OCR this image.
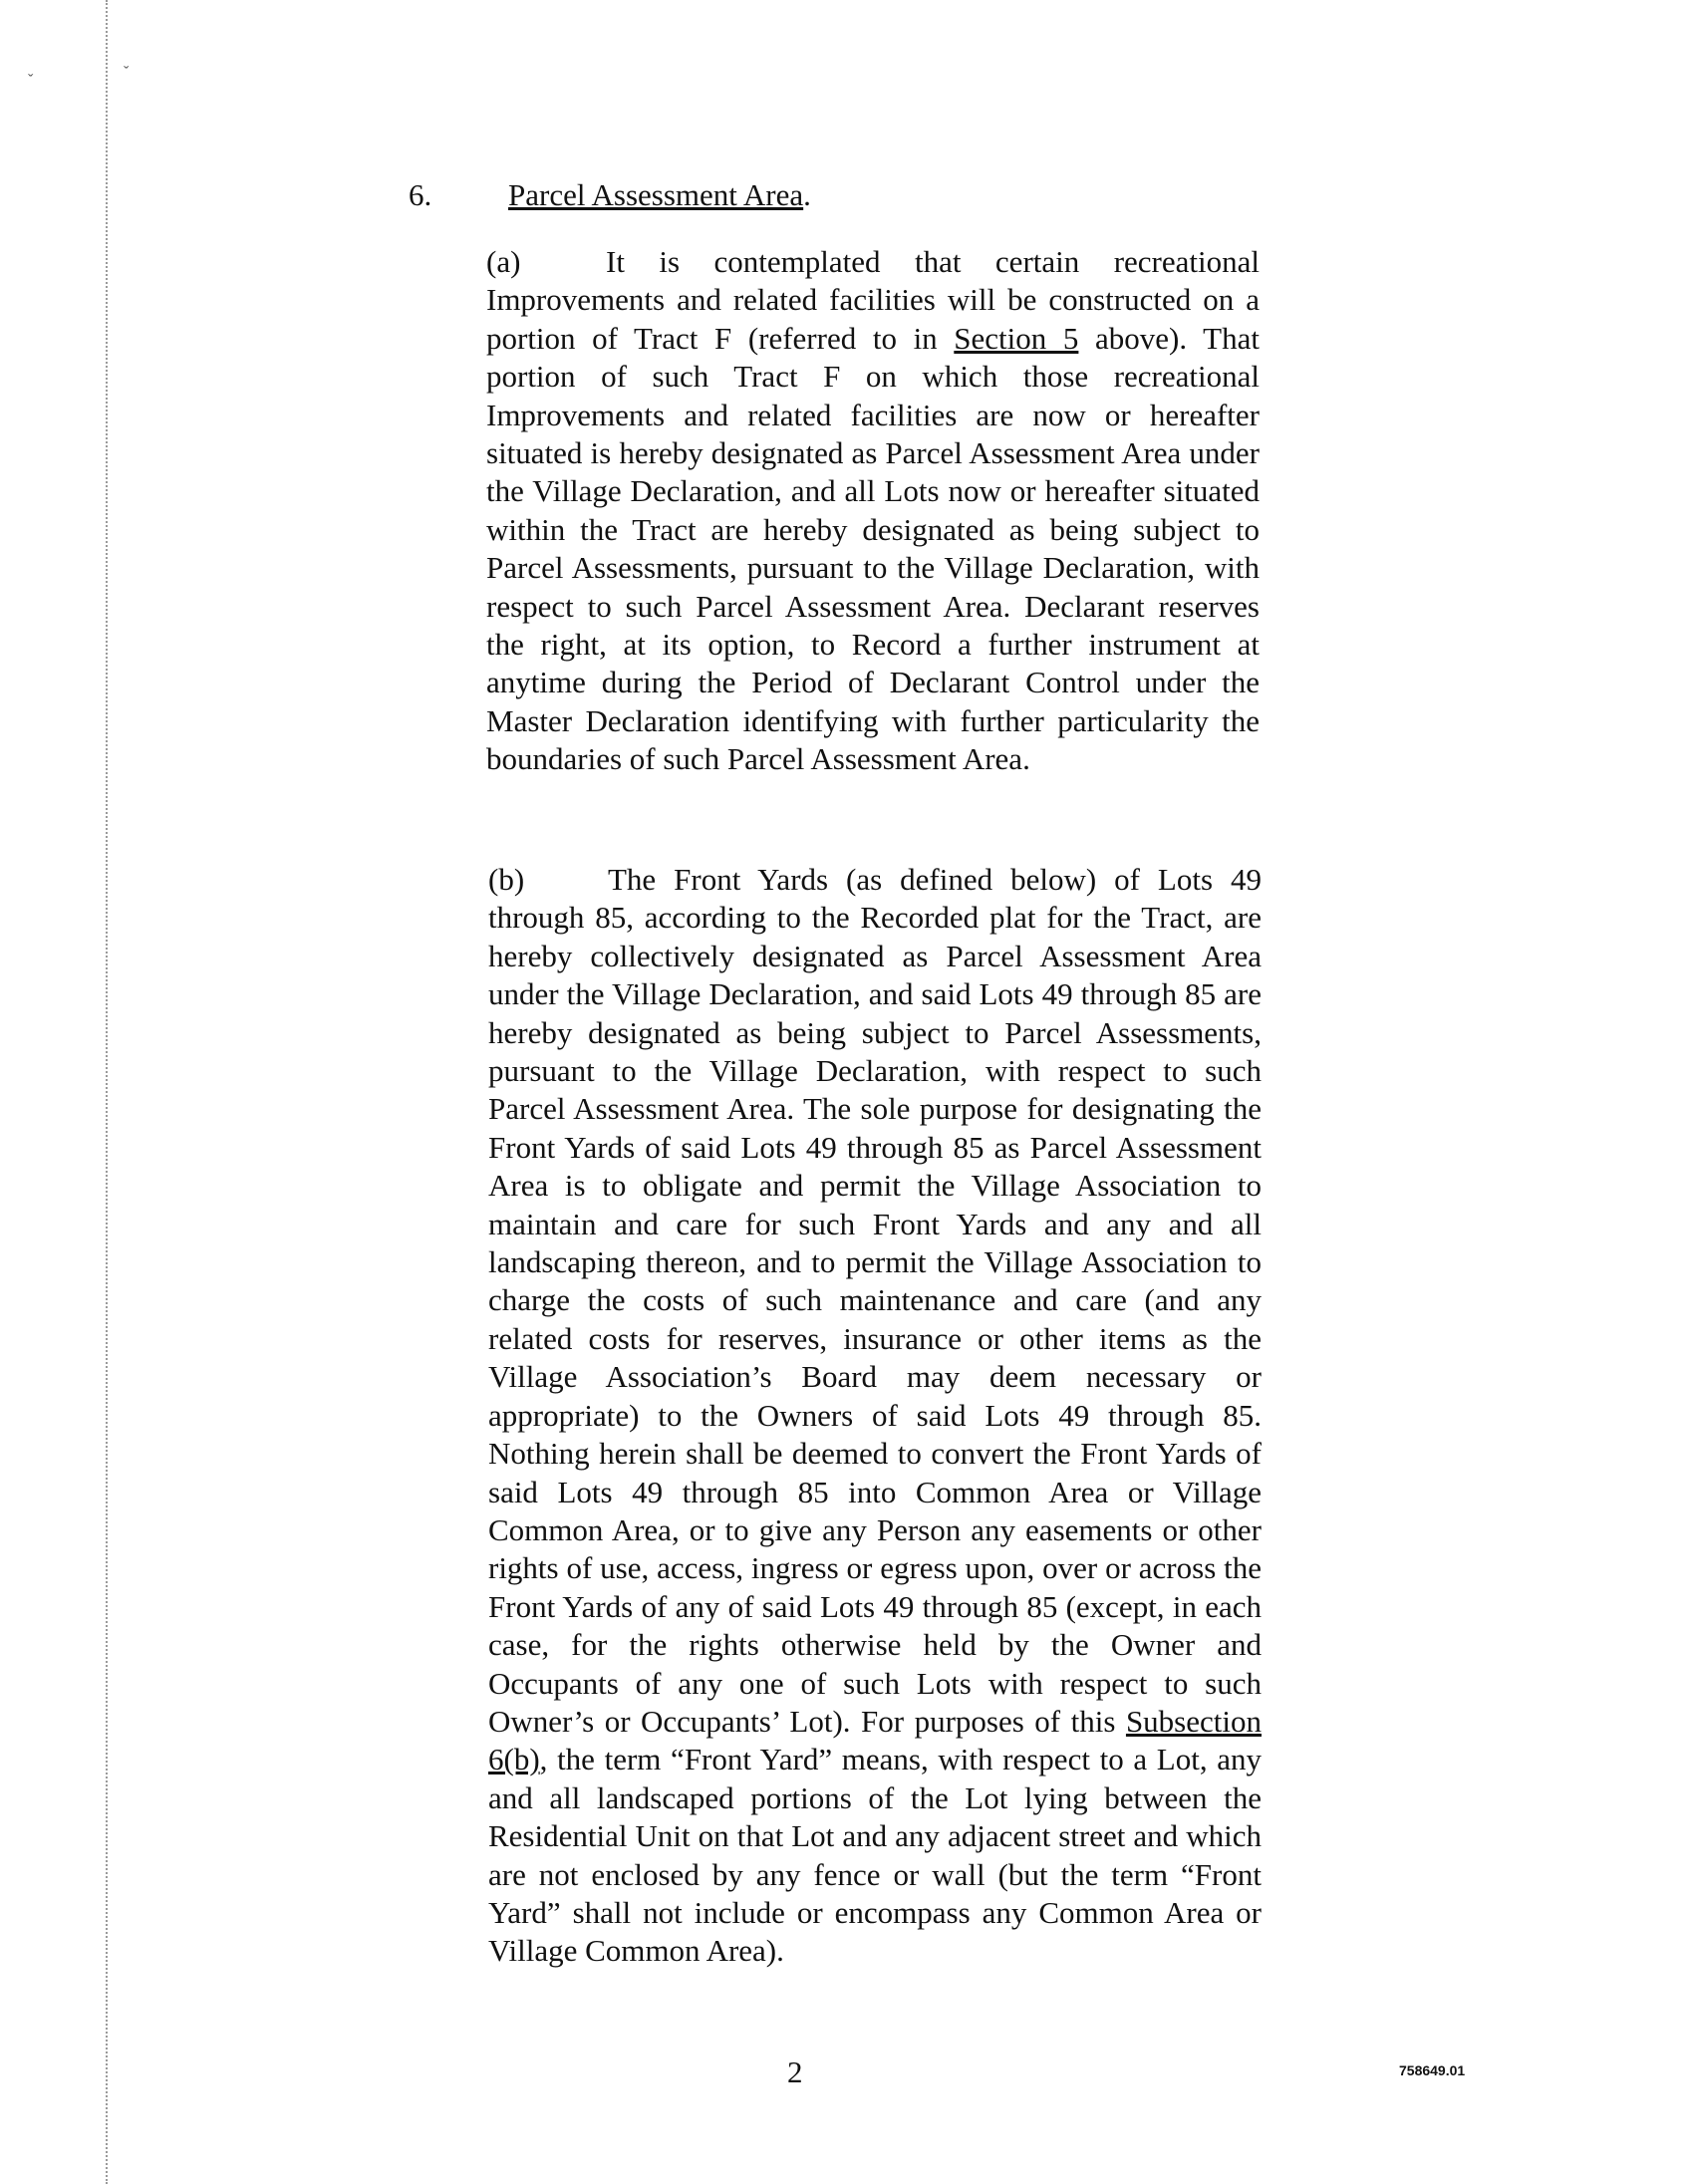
ˇ	ˇ
6. Parcel Assessment Area.

(a)	It is contemplated that certain recreational Improvements and related facilities will be constructed on a portion of Tract F (referred to in Section 5 above). That portion of such Tract F on which those recreational Improvements and related facilities are now or hereafter situated is hereby designated as Parcel Assessment Area under the Village Declaration, and all Lots now or hereafter situated within the Tract are hereby designated as being subject to Parcel Assessments, pursuant to the Village Declaration, with respect to such Parcel Assessment Area. Declarant reserves the right, at its option, to Record a further instrument at anytime during the Period of Declarant Control under the Master Declaration identifying with further particularity the boundaries of such Parcel Assessment Area.

(b)	The Front Yards (as defined below) of Lots 49 through 85, according to the Recorded plat for the Tract, are hereby collectively designated as Parcel Assessment Area under the Village Declaration, and said Lots 49 through 85 are hereby designated as being subject to Parcel Assessments, pursuant to the Village Declaration, with respect to such Parcel Assessment Area. The sole purpose for designating the Front Yards of said Lots 49 through 85 as Parcel Assessment Area is to obligate and permit the Village Association to maintain and care for such Front Yards and any and all landscaping thereon, and to permit the Village Association to charge the costs of such maintenance and care (and any related costs for reserves, insurance or other items as the Village Association’s Board may deem necessary or appropriate) to the Owners of said Lots 49 through 85. Nothing herein shall be deemed to convert the Front Yards of said Lots 49 through 85 into Common Area or Village Common Area, or to give any Person any easements or other rights of use, access, ingress or egress upon, over or across the Front Yards of any of said Lots 49 through 85 (except, in each case, for the rights otherwise held by the Owner and Occupants of any one of such Lots with respect to such Owner’s or Occupants’ Lot). For purposes of this Subsection 6(b), the term “Front Yard” means, with respect to a Lot, any and all landscaped portions of the Lot lying between the Residential Unit on that Lot and any adjacent street and which are not enclosed by any fence or wall (but the term “Front Yard” shall not include or encompass any Common Area or Village Common Area).

2	758649.01
